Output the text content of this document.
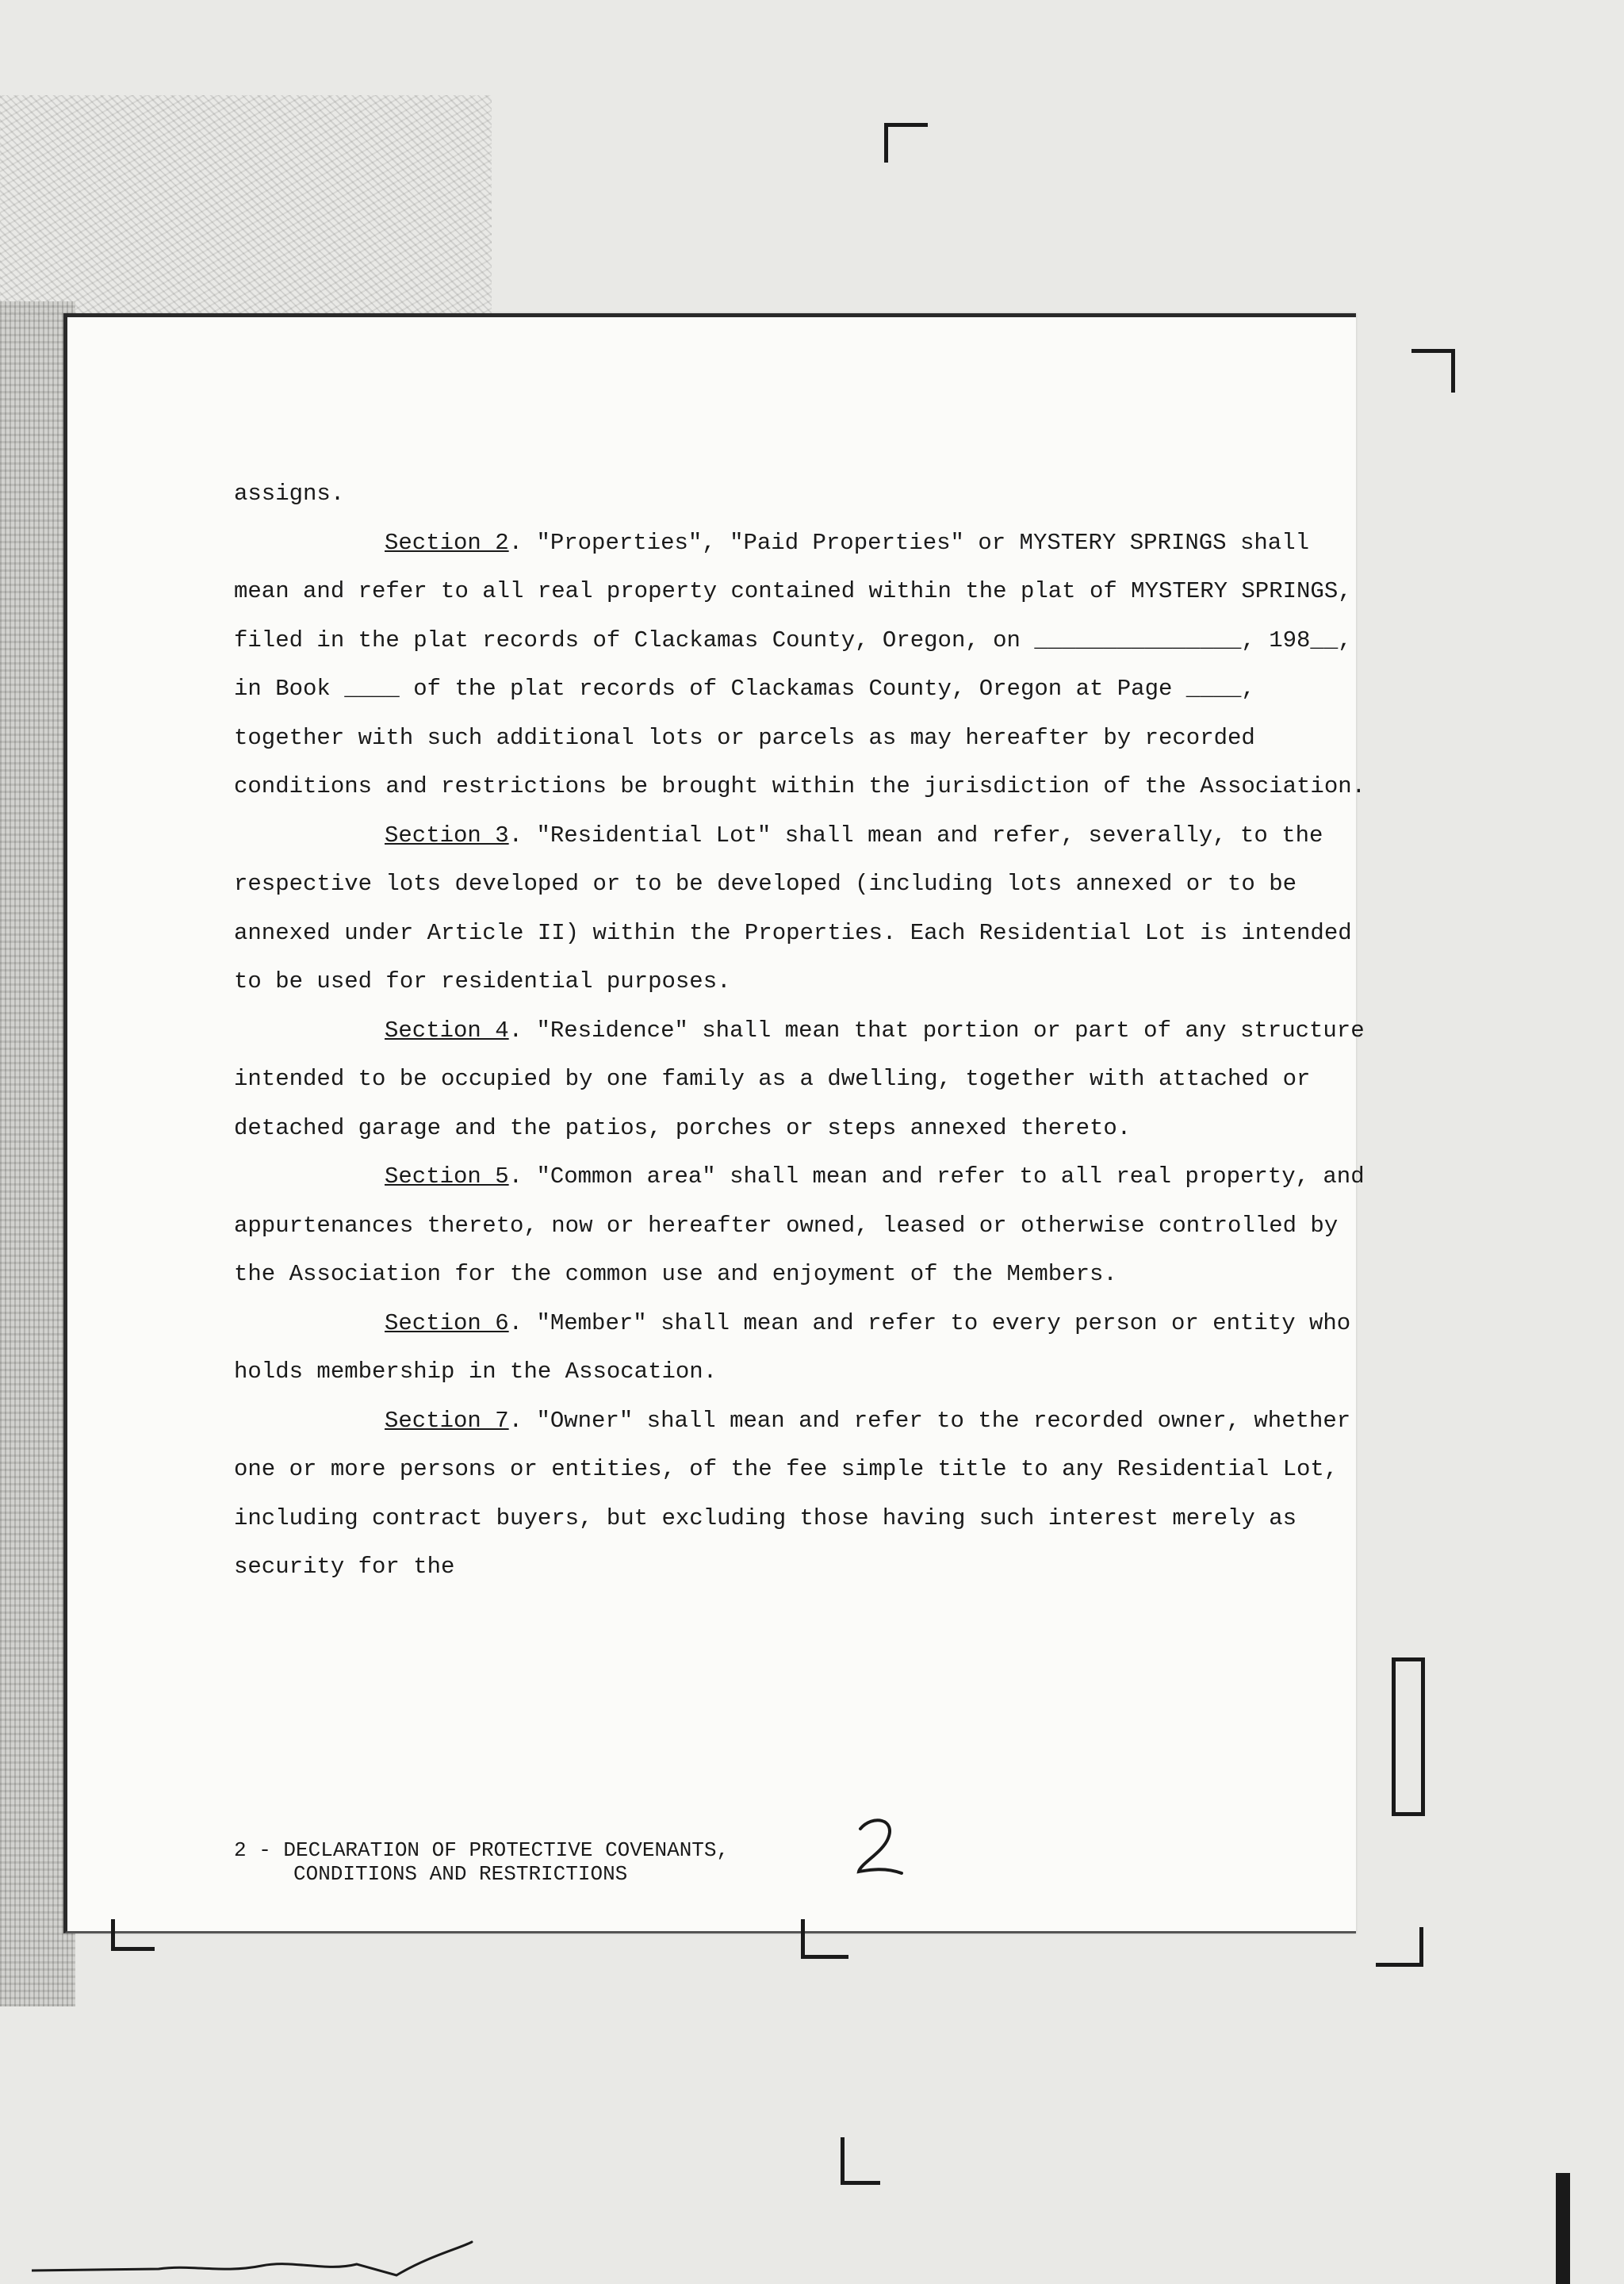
assigns.

Section 2. "Properties", "Paid Properties" or MYSTERY SPRINGS shall mean and refer to all real property contained within the plat of MYSTERY SPRINGS, filed in the plat records of Clackamas County, Oregon, on _______________, 198__, in Book ____ of the plat records of Clackamas County, Oregon at Page ____, together with such additional lots or parcels as may hereafter by recorded conditions and restrictions be brought within the jurisdiction of the Association.

Section 3. "Residential Lot" shall mean and refer, severally, to the respective lots developed or to be developed (including lots annexed or to be annexed under Article II) within the Properties. Each Residential Lot is intended to be used for residential purposes.

Section 4. "Residence" shall mean that portion or part of any structure intended to be occupied by one family as a dwelling, together with attached or detached garage and the patios, porches or steps annexed thereto.

Section 5. "Common area" shall mean and refer to all real property, and appurtenances thereto, now or hereafter owned, leased or otherwise controlled by the Association for the common use and enjoyment of the Members.

Section 6. "Member" shall mean and refer to every person or entity who holds membership in the Assocation.

Section 7. "Owner" shall mean and refer to the recorded owner, whether one or more persons or entities, of the fee simple title to any Residential Lot, including contract buyers, but excluding those having such interest merely as security for the

2 - DECLARATION OF PROTECTIVE COVENANTS,
CONDITIONS AND RESTRICTIONS
